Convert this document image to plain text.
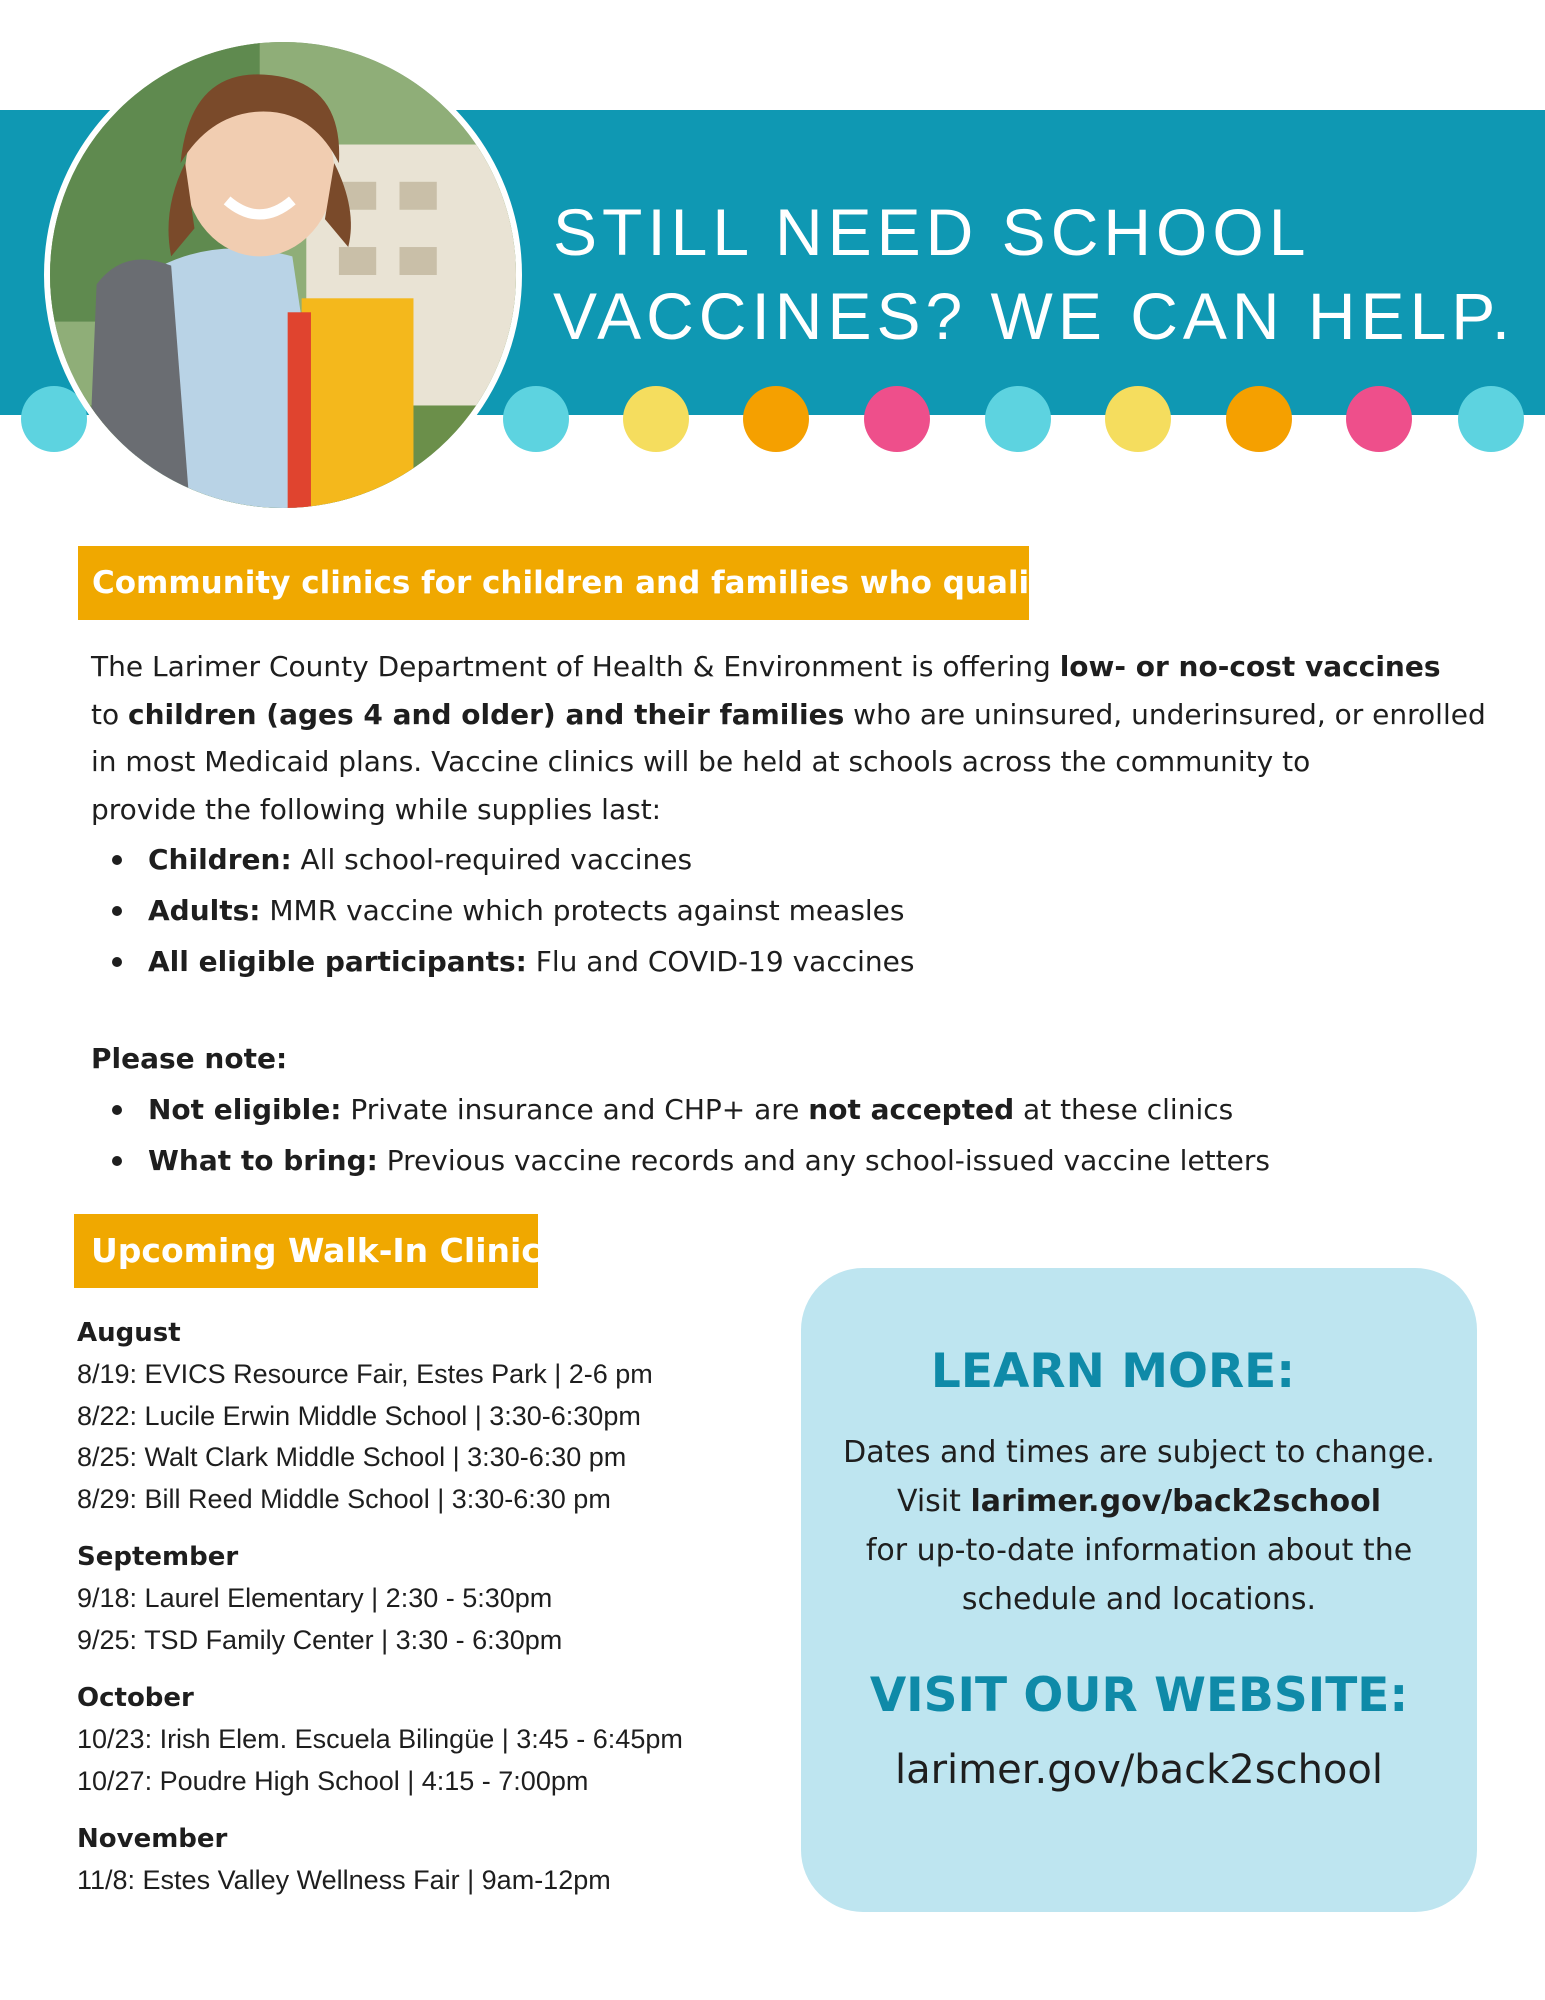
STILL NEED SCHOOL
VACCINES? WE CAN HELP.
Community clinics for children and families who qualify.

The Larimer County Department of Health & Environment is offering low- or no-cost vaccines
to children (ages 4 and older) and their families who are uninsured, underinsured, or enrolled
in most Medicaid plans. Vaccine clinics will be held at schools across the community to
provide the following while supplies last:

Children: All school-required vaccines
Adults: MMR vaccine which protects against measles
All eligible participants: Flu and COVID-19 vaccines
Please note:
Not eligible: Private insurance and CHP+ are not accepted at these clinics
What to bring: Previous vaccine records and any school-issued vaccine letters
Upcoming Walk-In Clinics
August
8/19: EVICS Resource Fair, Estes Park | 2-6 pm
8/22: Lucile Erwin Middle School | 3:30-6:30pm
8/25: Walt Clark Middle School | 3:30-6:30 pm
8/29: Bill Reed Middle School | 3:30-6:30 pm
September
9/18: Laurel Elementary | 2:30 - 5:30pm
9/25: TSD Family Center | 3:30 - 6:30pm
October
10/23: Irish Elem. Escuela Bilingüe | 3:45 - 6:45pm
10/27: Poudre High School | 4:15 - 7:00pm
November
11/8: Estes Valley Wellness Fair | 9am-12pm
LEARN MORE:
Dates and times are subject to change.
Visit larimer.gov/back2school
for up-to-date information about the
schedule and locations.
VISIT OUR WEBSITE:
larimer.gov/back2school
